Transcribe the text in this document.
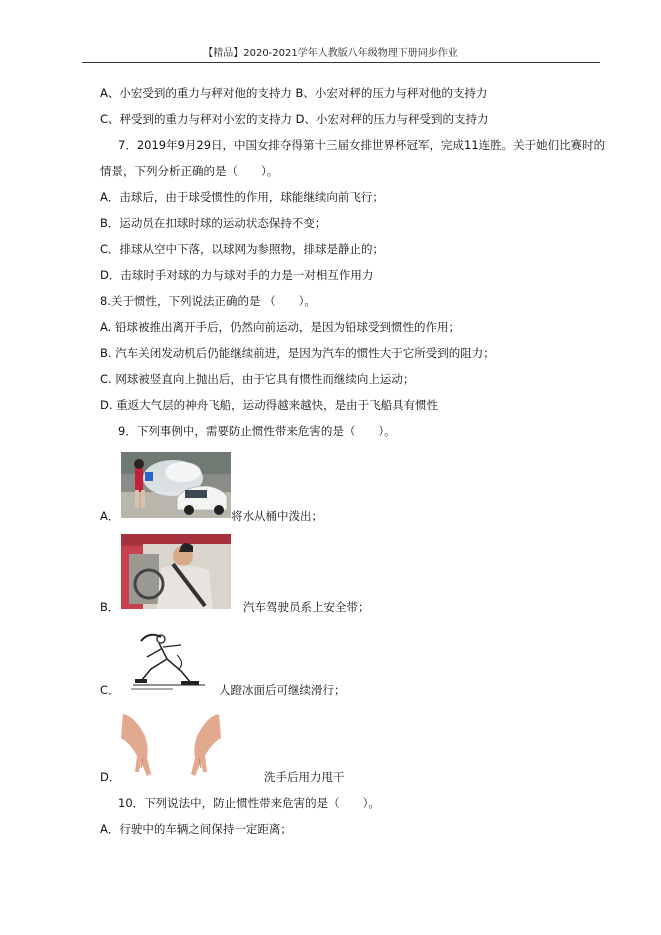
【精品】2020-2021学年人教版八年级物理下册同步作业
A、小宏受到的重力与秤对他的支持力 B、小宏对秤的压力与秤对他的支持力
C、秤受到的重力与秤对小宏的支持力 D、小宏对秤的压力与秤受到的支持力
7．2019年9月29日，中国女排夺得第十三届女排世界杯冠军，完成11连胜。关于她们比赛时的
情景，下列分析正确的是（　　）。
A．击球后，由于球受惯性的作用，球能继续向前飞行；
B．运动员在扣球时球的运动状态保持不变；
C．排球从空中下落，以球网为参照物，排球是静止的；
D．击球时手对球的力与球对手的力是一对相互作用力
8.关于惯性，下列说法正确的是 （　　）。
A. 铅球被推出离开手后，仍然向前运动，是因为铅球受到惯性的作用；
B. 汽车关闭发动机后仍能继续前进，是因为汽车的惯性大于它所受到的阻力；
C. 网球被竖直向上抛出后，由于它具有惯性而继续向上运动；
D. 重返大气层的神舟飞船，运动得越来越快，是由于飞船具有惯性
9．下列事例中，需要防止惯性带来危害的是（　　）。
A．	将水从桶中泼出；
B．	汽车驾驶员系上安全带；
C．	人蹬冰面后可继续滑行；
D．	洗手后用力甩干
10．下列说法中，防止惯性带来危害的是（　　）。
A．行驶中的车辆之间保持一定距离；
